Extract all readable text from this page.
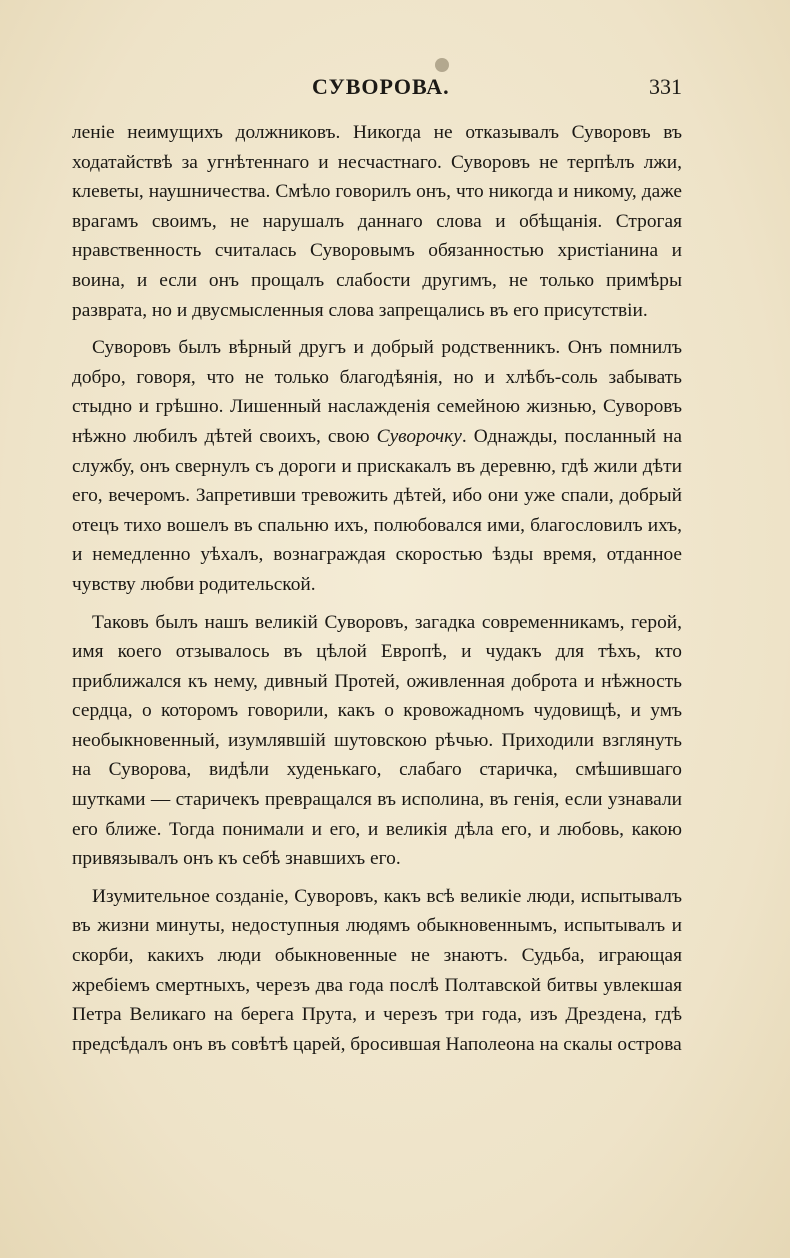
СУВОРОВА.	331

леніе неимущихъ должниковъ. Никогда не отказывалъ Суворовъ въ ходатайствѣ за угнѣтеннаго и несчастнаго. Суворовъ не терпѣлъ лжи, клеветы, наушничества. Смѣло говорилъ онъ, что никогда и никому, даже врагамъ своимъ, не нарушалъ даннаго слова и обѣщанія. Строгая нравственность считалась Суворовымъ обязанностью христіанина и воина, и если онъ прощалъ слабости другимъ, не только примѣры разврата, но и двусмысленныя слова запрещались въ его присутствіи.

Суворовъ былъ вѣрный другъ и добрый родственникъ. Онъ помнилъ добро, говоря, что не только благодѣянія, но и хлѣбъ-соль забывать стыдно и грѣшно. Лишенный наслажденія семейною жизнью, Суворовъ нѣжно любилъ дѣтей своихъ, свою Суворочку. Однажды, посланный на службу, онъ свернулъ съ дороги и прискакалъ въ деревню, гдѣ жили дѣти его, вечеромъ. Запретивши тревожить дѣтей, ибо они уже спали, добрый отецъ тихо вошелъ въ спальню ихъ, полюбовался ими, благословилъ ихъ, и немедленно уѣхалъ, вознаграждая скоростью ѣзды время, отданное чувству любви родительской.

Таковъ былъ нашъ великій Суворовъ, загадка современникамъ, герой, имя коего отзывалось въ цѣлой Европѣ, и чудакъ для тѣхъ, кто приближался къ нему, дивный Протей, оживленная доброта и нѣжность сердца, о которомъ говорили, какъ о кровожадномъ чудовищѣ, и умъ необыкновенный, изумлявшій шутовскою рѣчью. Приходили взглянуть на Суворова, видѣли худенькаго, слабаго старичка, смѣшившаго шутками — старичекъ превращался въ исполина, въ генія, если узнавали его ближе. Тогда понимали и его, и великія дѣла его, и любовь, какою привязывалъ онъ къ себѣ знавшихъ его.

Изумительное созданіе, Суворовъ, какъ всѣ великіе люди, испытывалъ въ жизни минуты, недоступныя людямъ обыкновеннымъ, испытывалъ и скорби, какихъ люди обыкновенные не знаютъ. Судьба, играющая жребіемъ смертныхъ, черезъ два года послѣ Полтавской битвы увлекшая Петра Великаго на берега Прута, и черезъ три года, изъ Дрездена, гдѣ предсѣдалъ онъ въ совѣтѣ царей, бросившая Наполеона на скалы острова
